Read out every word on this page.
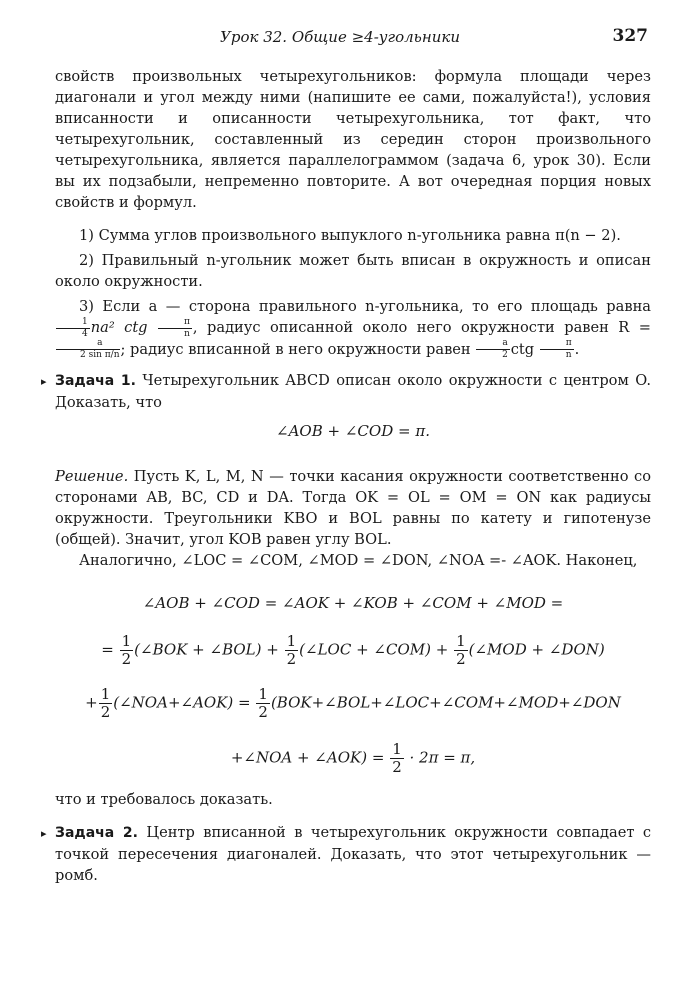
Урок 32. Общие ≥4-угольники	327

свойств произвольных четырехугольников: формула площади через диагонали и угол между ними (напишите ее сами, пожалуйста!), условия вписанности и описанности четырехугольника, тот факт, что четырехугольник, составленный из середин сторон произвольного четырехугольника, является параллелограммом (задача 6, урок 30). Если вы их подзабыли, непременно повторите. А вот очередная порция новых свойств и формул.

1) Сумма углов произвольного выпуклого n-угольника равна π(n − 2).

2) Правильный n-угольник может быть вписан в окружность и описан около окружности.

3) Если a — сторона правильного n-угольника, то его площадь равна
$\frac{1}{4} na^2$ ctg $\frac{\pi}{n}$ , радиус описанной около него окружности равен R =
$\frac{a}{\text{2 sin π/n}}$ ; радиус вписанной в него окружности равен $\frac{a}{2}$ ctg $\frac{\pi}{n}$ .

▸ Задача 1. Четырехугольник ABCD описан около окружности с центром O. Доказать, что

∠AOB + ∠COD = π.

Решение. Пусть K, L, M, N — точки касания окружности соответственно со сторонами AB, BC, CD и DA. Тогда OK = OL = OM = ON как радиусы окружности. Треугольники KBO и BOL равны по катету и гипотенузе (общей). Значит, угол KOB равен углу BOL.

Аналогично, ∠LOC = ∠COM, ∠MOD = ∠DON, ∠NOA =- ∠AOK. Наконец,

∠AOB + ∠COD = ∠AOK + ∠KOB + ∠COM + ∠MOD =

= $\frac{1}{2}$ (∠BOK + ∠BOL) + $\frac{1}{2}$ (∠LOC + ∠COM) + $\frac{1}{2}$ (∠MOD + ∠DON)

+ $\frac{1}{2}$ (∠NOA+∠AOK) = $\frac{1}{2}$ (BOK+∠BOL+∠LOC+∠COM+∠MOD+∠DON

+∠NOA + ∠AOK) = $\frac{1}{2} \cdot 2\pi = \pi$,

что и требовалось доказать.

▸ Задача 2. Центр вписанной в четырехугольник окружности совпадает с точкой пересечения диагоналей. Доказать, что этот четырехугольник — ромб.
